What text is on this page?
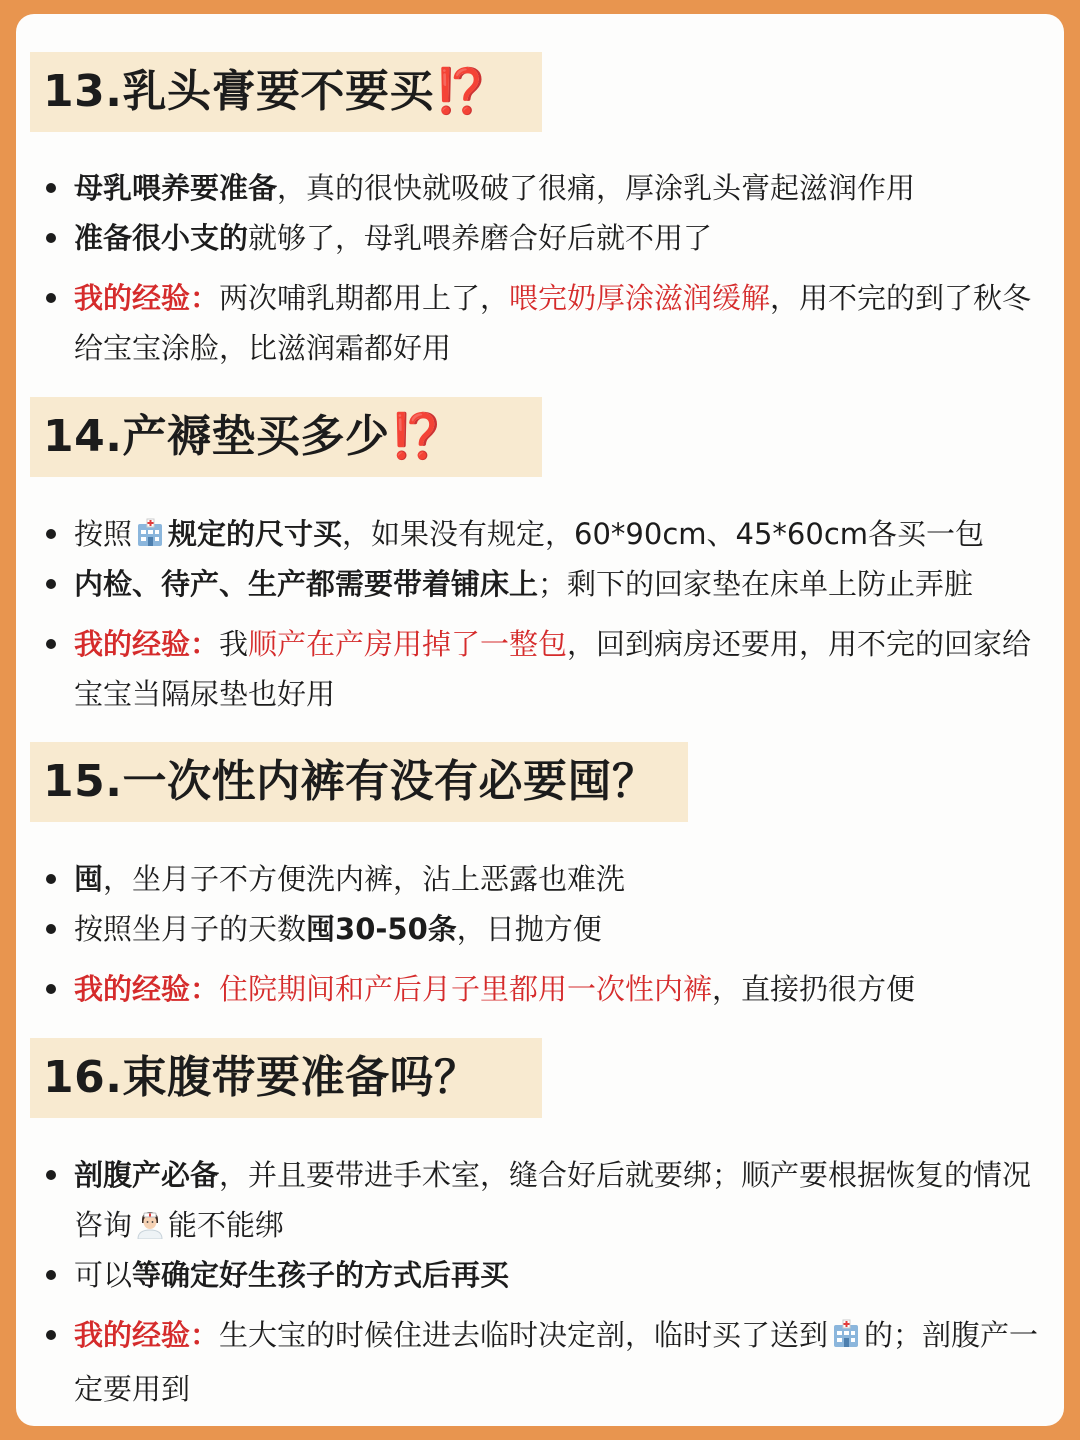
13.乳头膏要不要买⁉️
母乳喂养要准备，真的很快就吸破了很痛，厚涂乳头膏起滋润作用
准备很小支的就够了，母乳喂养磨合好后就不用了
我的经验：两次哺乳期都用上了，喂完奶厚涂滋润缓解，用不完的到了秋冬给宝宝涂脸，比滋润霜都好用
14.产褥垫买多少⁉️
按照 规定的尺寸买，如果没有规定，60*90cm、45*60cm各买一包
内检、待产、生产都需要带着铺床上；剩下的回家垫在床单上防止弄脏
我的经验：我顺产在产房用掉了一整包，回到病房还要用，用不完的回家给宝宝当隔尿垫也好用
15.一次性内裤有没有必要囤？
囤，坐月子不方便洗内裤，沾上恶露也难洗
按照坐月子的天数囤30-50条，日抛方便
我的经验：住院期间和产后月子里都用一次性内裤，直接扔很方便
16.束腹带要准备吗？
剖腹产必备，并且要带进手术室，缝合好后就要绑；顺产要根据恢复的情况咨询 能不能绑
可以等确定好生孩子的方式后再买
我的经验：生大宝的时候住进去临时决定剖，临时买了送到 的；剖腹产一定要用到
